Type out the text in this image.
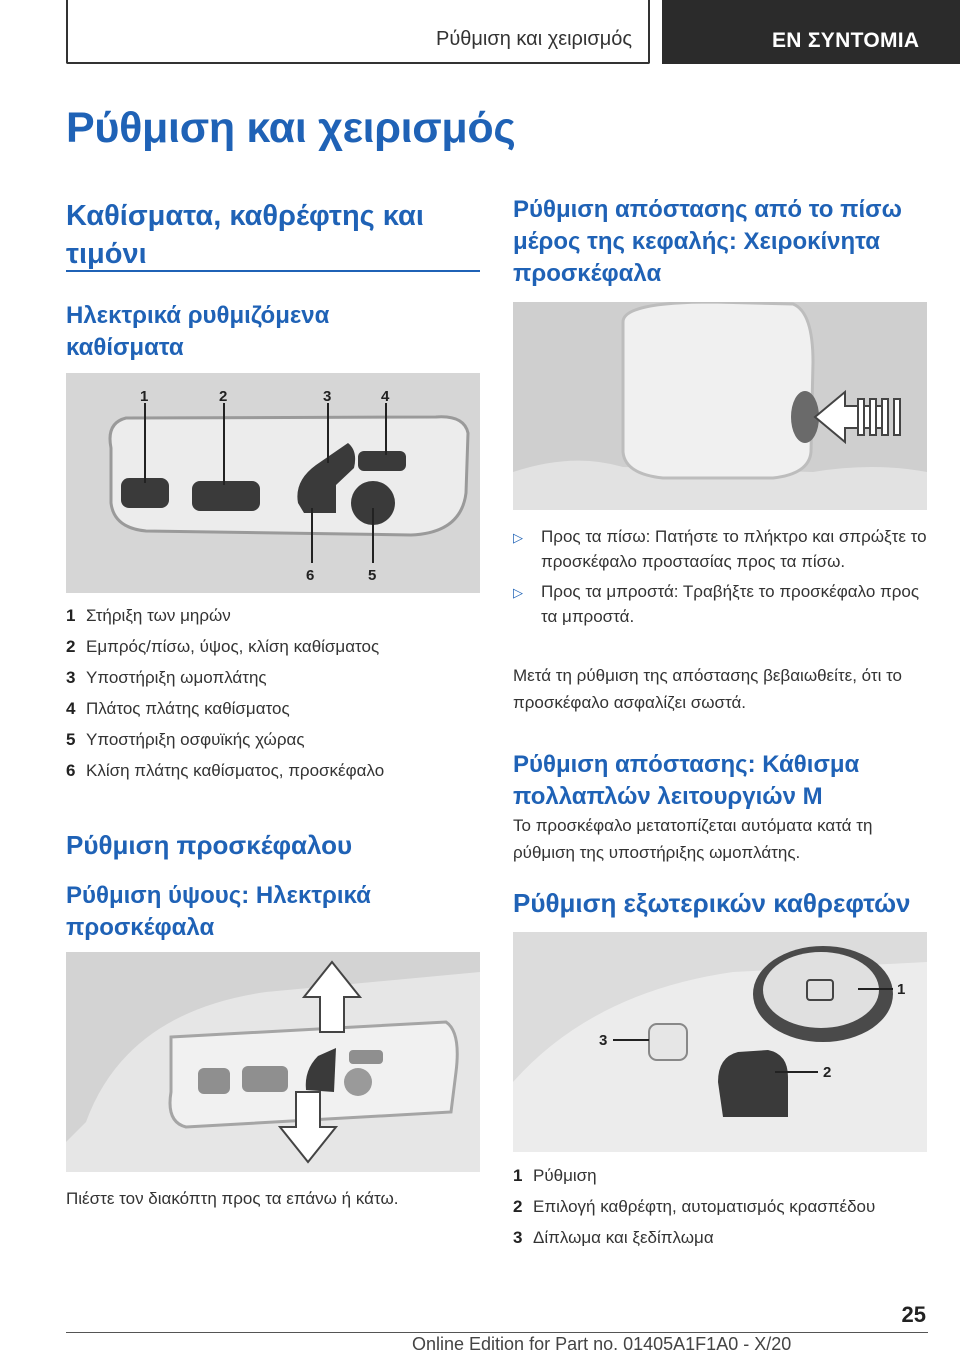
Ρύθμιση και χειρισμός	ΕΝ ΣΥΝΤΟΜΙΑ
Ρύθμιση και χειρισμός
Καθίσματα, καθρέφτης και τιμόνι
Ηλεκτρικά ρυθμιζόμενα καθίσματα
1	2	3	4
6	5
1 Στήριξη των μηρών
2 Εμπρός/πίσω, ύψος, κλίση καθίσματος
3 Υποστήριξη ωμοπλάτης
4 Πλάτος πλάτης καθίσματος
5 Υποστήριξη οσφυϊκής χώρας
6 Κλίση πλάτης καθίσματος, προσκέφαλο
Ρύθμιση προσκέφαλου
Ρύθμιση ύψους: Ηλεκτρικά προσκέφαλα

Πιέστε τον διακόπτη προς τα επάνω ή κάτω.

Ρύθμιση απόστασης από το πίσω μέρος της κεφαλής: Χειροκίνητα προσκέφαλα
▷	Προς τα πίσω: Πατήστε το πλήκτρο και σπρώξτε το προσκέφαλο προστασίας προς τα πίσω.
▷	Προς τα μπροστά: Τραβήξτε το προσκέφαλο προς τα μπροστά.

Μετά τη ρύθμιση της απόστασης βεβαιωθείτε, ότι το προσκέφαλο ασφαλίζει σωστά.

Ρύθμιση απόστασης: Κάθισμα πολλαπλών λειτουργιών M

Το προσκέφαλο μετατοπίζεται αυτόματα κατά τη ρύθμιση της υποστήριξης ωμοπλάτης.

Ρύθμιση εξωτερικών καθρεφτών
1
2
3
1 Ρύθμιση
2 Επιλογή καθρέφτη, αυτοματισμός κρασπέδου
3 Δίπλωμα και ξεδίπλωμα
25
Online Edition for Part no. 01405A1F1A0 - X/20
